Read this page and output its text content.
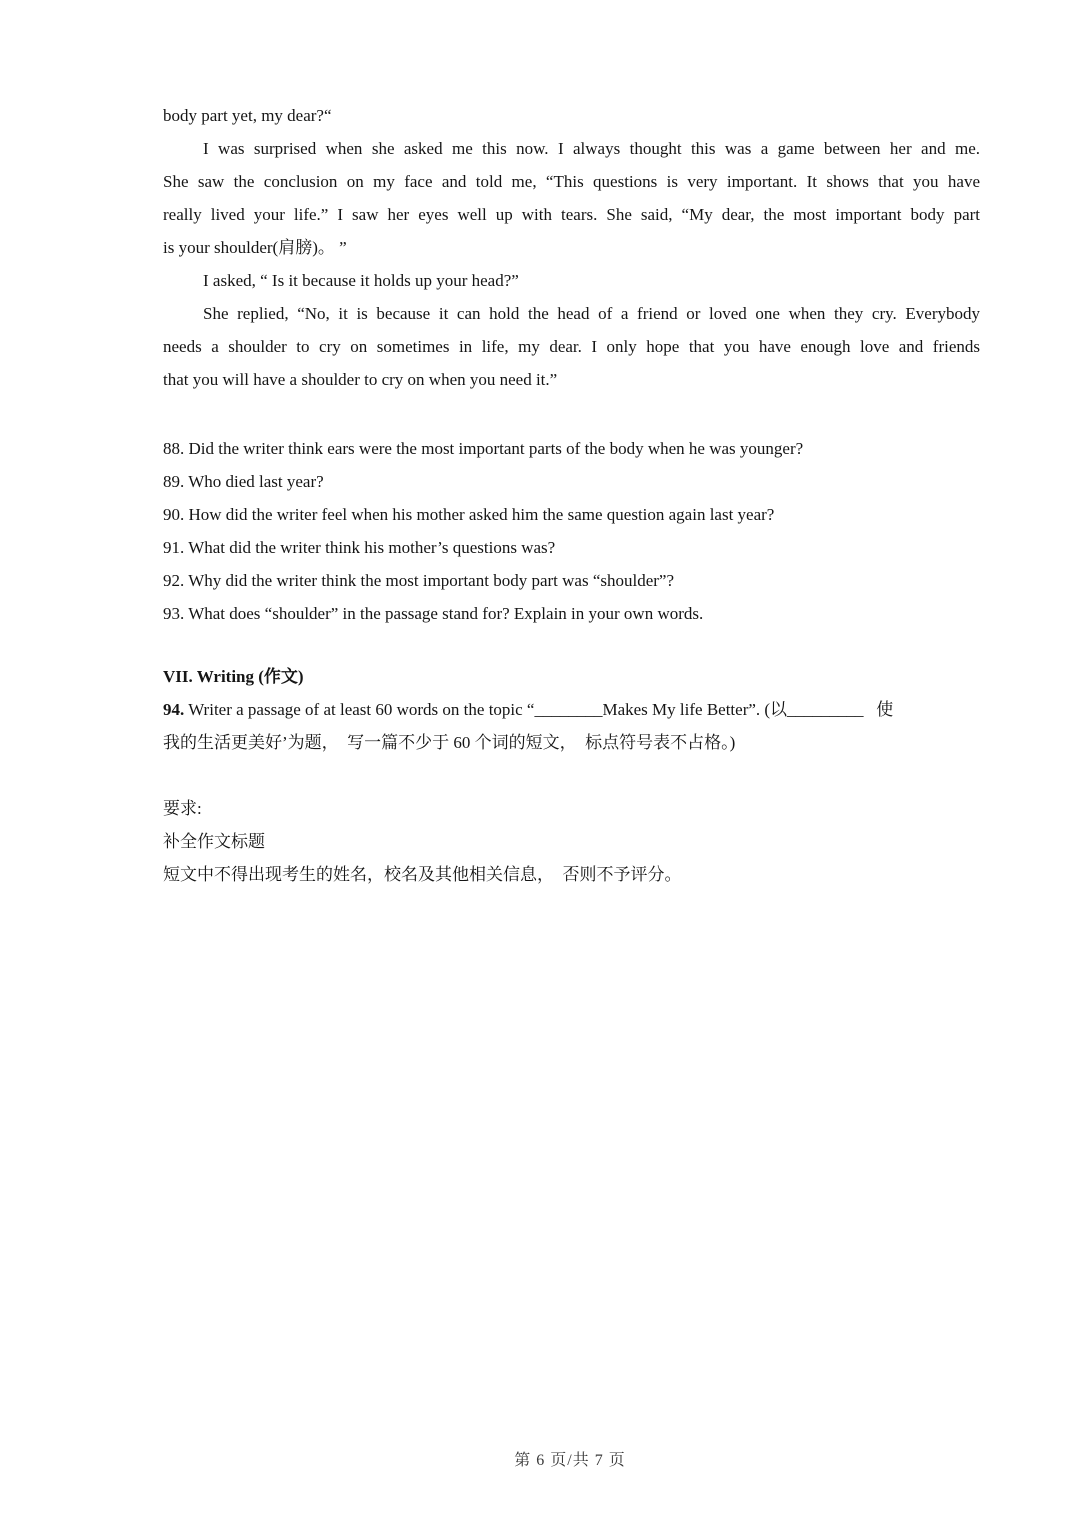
body part yet, my dear?“
I was surprised when she asked me this now. I always thought this was a game between her and me.
She saw the conclusion on my face and told me, “This questions is very important. It shows that you have
really lived your life.” I saw her eyes well up with tears. She said, “My dear, the most important body part
is your shoulder(肩膀)。 ”
I asked, “ Is it because it holds up your head?”
She replied, “No, it is because it can hold the head of a friend or loved one when they cry. Everybody
needs a shoulder to cry on sometimes in life, my dear. I only hope that you have enough love and friends
that you will have a shoulder to cry on when you need it.”
88. Did the writer think ears were the most important parts of the body when he was younger?
89. Who died last year?
90. How did the writer feel when his mother asked him the same question again last year?
91. What did the writer think his mother’s questions was?
92. Why did the writer think the most important body part was “shoulder”?
93. What does “shoulder” in the passage stand for? Explain in your own words.
VII. Writing (作文)
94. Writer a passage of at least 60 words on the topic “________Makes My life Better”. (以_________   使
我的生活更美好’为题，  写一篇不少于 60 个词的短文，  标点符号表不占格。)
要求:
补全作文标题
短文中不得出现考生的姓名，校名及其他相关信息，  否则不予评分。
第 6 页/共 7 页
